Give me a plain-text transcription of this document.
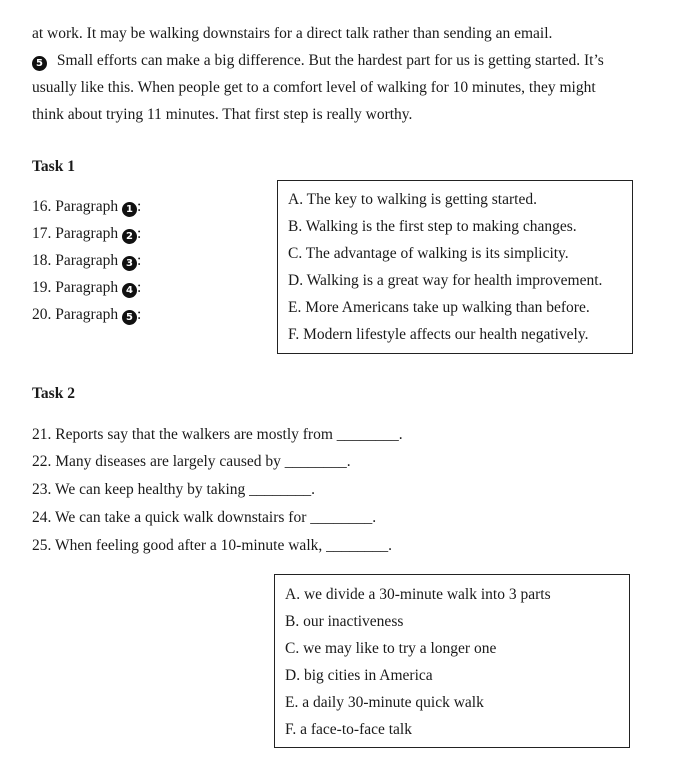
at work. It may be walking downstairs for a direct talk rather than sending an email.
5 Small efforts can make a big difference. But the hardest part for us is getting started. It’s
usually like this. When people get to a comfort level of walking for 10 minutes, they might
think about trying 11 minutes. That first step is really worthy.
Task 1
16. Paragraph 1 :
17. Paragraph 2 :
18. Paragraph 3 :
19. Paragraph 4 :
20. Paragraph 5 :
A. The key to walking is getting started.
B. Walking is the first step to making changes.
C. The advantage of walking is its simplicity.
D. Walking is a great way for health improvement.
E. More Americans take up walking than before.
F. Modern lifestyle affects our health negatively.
Task 2
21. Reports say that the walkers are mostly from ________.
22. Many diseases are largely caused by ________.
23. We can keep healthy by taking ________.
24. We can take a quick walk downstairs for ________.
25. When feeling good after a 10-minute walk, ________.
A. we divide a 30-minute walk into 3 parts
B. our inactiveness
C. we may like to try a longer one
D. big cities in America
E. a daily 30-minute quick walk
F. a face-to-face talk
